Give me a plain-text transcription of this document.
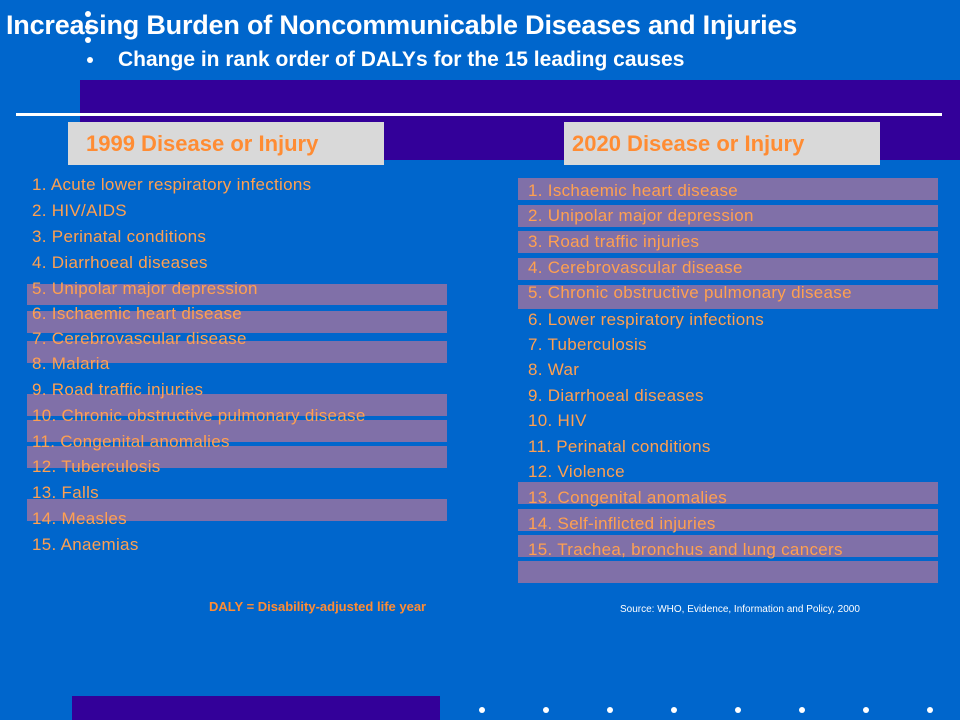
Increasing Burden of Noncommunicable Diseases and Injuries
Change in rank order of DALYs for the 15 leading causes
1999 Disease or Injury	2020 Disease or Injury
1. Acute lower respiratory infections
2. HIV/AIDS
3. Perinatal conditions
4. Diarrhoeal diseases
5. Unipolar major depression
6. Ischaemic heart disease
7. Cerebrovascular disease
8. Malaria
9. Road traffic injuries
10. Chronic obstructive pulmonary disease
11. Congenital anomalies
12. Tuberculosis
13. Falls
14. Measles
15. Anaemias
1. Ischaemic heart disease
2. Unipolar major depression
3. Road traffic injuries
4. Cerebrovascular disease
5. Chronic obstructive pulmonary disease
6. Lower respiratory infections
7. Tuberculosis
8. War
9. Diarrhoeal diseases
10. HIV
11. Perinatal conditions
12. Violence
13. Congenital anomalies
14. Self-inflicted injuries
15. Trachea, bronchus and lung cancers
DALY = Disability-adjusted life year	Source: WHO, Evidence, Information and Policy, 2000
